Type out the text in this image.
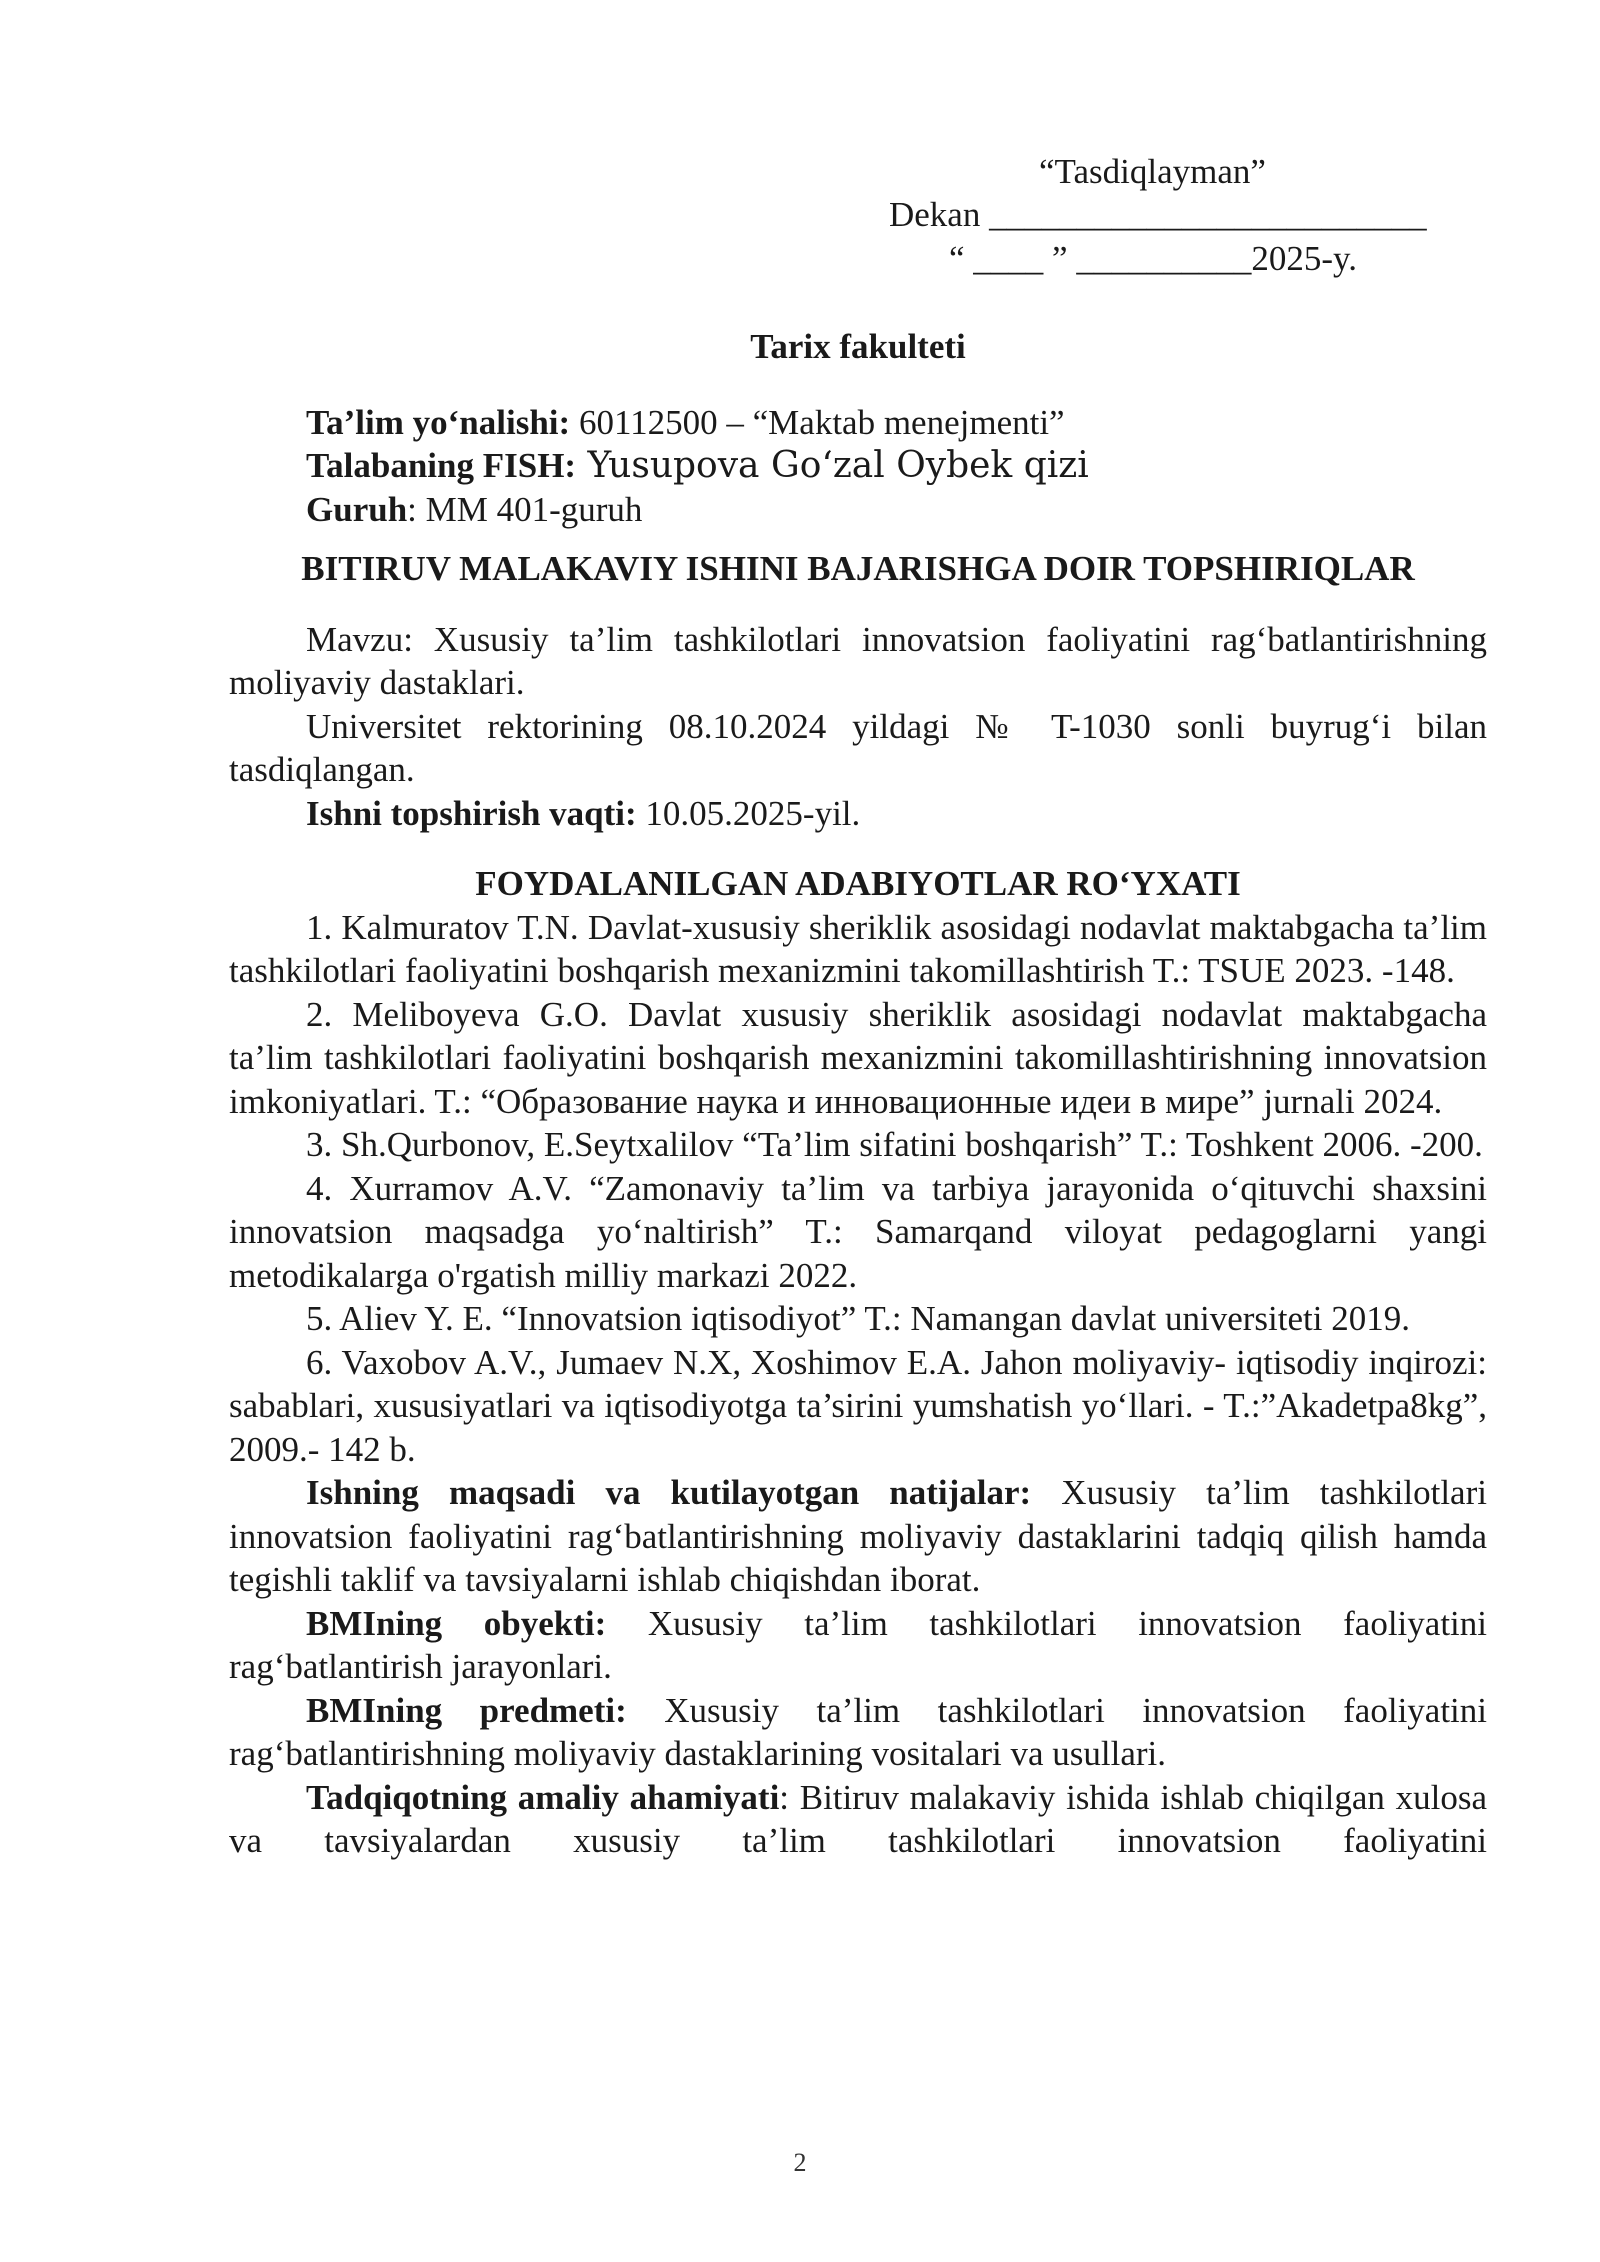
“Tasdiqlayman”
Dekan _________________________
“ ____ ” __________2025-y.
Tarix fakulteti
Ta’lim yo‘nalishi: 60112500 – “Maktab menejmenti”
Talabaning FISH: Yusupova Go‘zal Oybek qizi
Guruh: MM 401-guruh
BITIRUV MALAKAVIY ISHINI BAJARISHGA DOIR TOPSHIRIQLAR

Mavzu: Xususiy ta’lim tashkilotlari innovatsion faoliyatini rag‘batlantirishning moliyaviy dastaklari.

Universitet rektorining 08.10.2024 yildagi № T-1030 sonli buyrug‘i bilan tasdiqlangan.

Ishni topshirish vaqti: 10.05.2025-yil.

FOYDALANILGAN ADABIYOTLAR RO‘YXATI

1. Kalmuratov T.N. Davlat-xususiy sheriklik asosidagi nodavlat maktabgacha ta’lim tashkilotlari faoliyatini boshqarish mexanizmini takomillashtirish T.: TSUE 2023. -148.

2. Meliboyeva G.O. Davlat xususiy sheriklik asosidagi nodavlat maktabgacha ta’lim tashkilotlari faoliyatini boshqarish mexanizmini takomillashtirishning innovatsion imkoniyatlari. T.: “Образование наука и инновационные идеи в мире” jurnali 2024.

3. Sh.Qurbonov, E.Seytxalilov “Ta’lim sifatini boshqarish” T.: Toshkent 2006. -200.

4. Xurramov A.V. “Zamonaviy ta’lim va tarbiya jarayonida o‘qituvchi shaxsini innovatsion maqsadga yo‘naltirish” T.: Samarqand viloyat pedagoglarni yangi metodikalarga o'rgatish milliy markazi 2022.

5. Aliev Y. E. “Innovatsion iqtisodiyot” T.: Namangan davlat universiteti 2019.

6. Vaxobov A.V., Jumaev N.X, Xoshimov E.A. Jahon moliyaviy- iqtisodiy inqirozi: sabablari, xususiyatlari va iqtisodiyotga ta’sirini yumshatish yo‘llari. - T.:”Akadetpa8kg”, 2009.- 142 b.

Ishning maqsadi va kutilayotgan natijalar: Xususiy ta’lim tashkilotlari innovatsion faoliyatini rag‘batlantirishning moliyaviy dastaklarini tadqiq qilish hamda tegishli taklif va tavsiyalarni ishlab chiqishdan iborat.

BMIning obyekti: Xususiy ta’lim tashkilotlari innovatsion faoliyatini rag‘batlantirish jarayonlari.

BMIning predmeti: Xususiy ta’lim tashkilotlari innovatsion faoliyatini rag‘batlantirishning moliyaviy dastaklarining vositalari va usullari.

Tadqiqotning amaliy ahamiyati: Bitiruv malakaviy ishida ishlab chiqilgan xulosa va tavsiyalardan xususiy ta’lim tashkilotlari innovatsion faoliyatini

2
